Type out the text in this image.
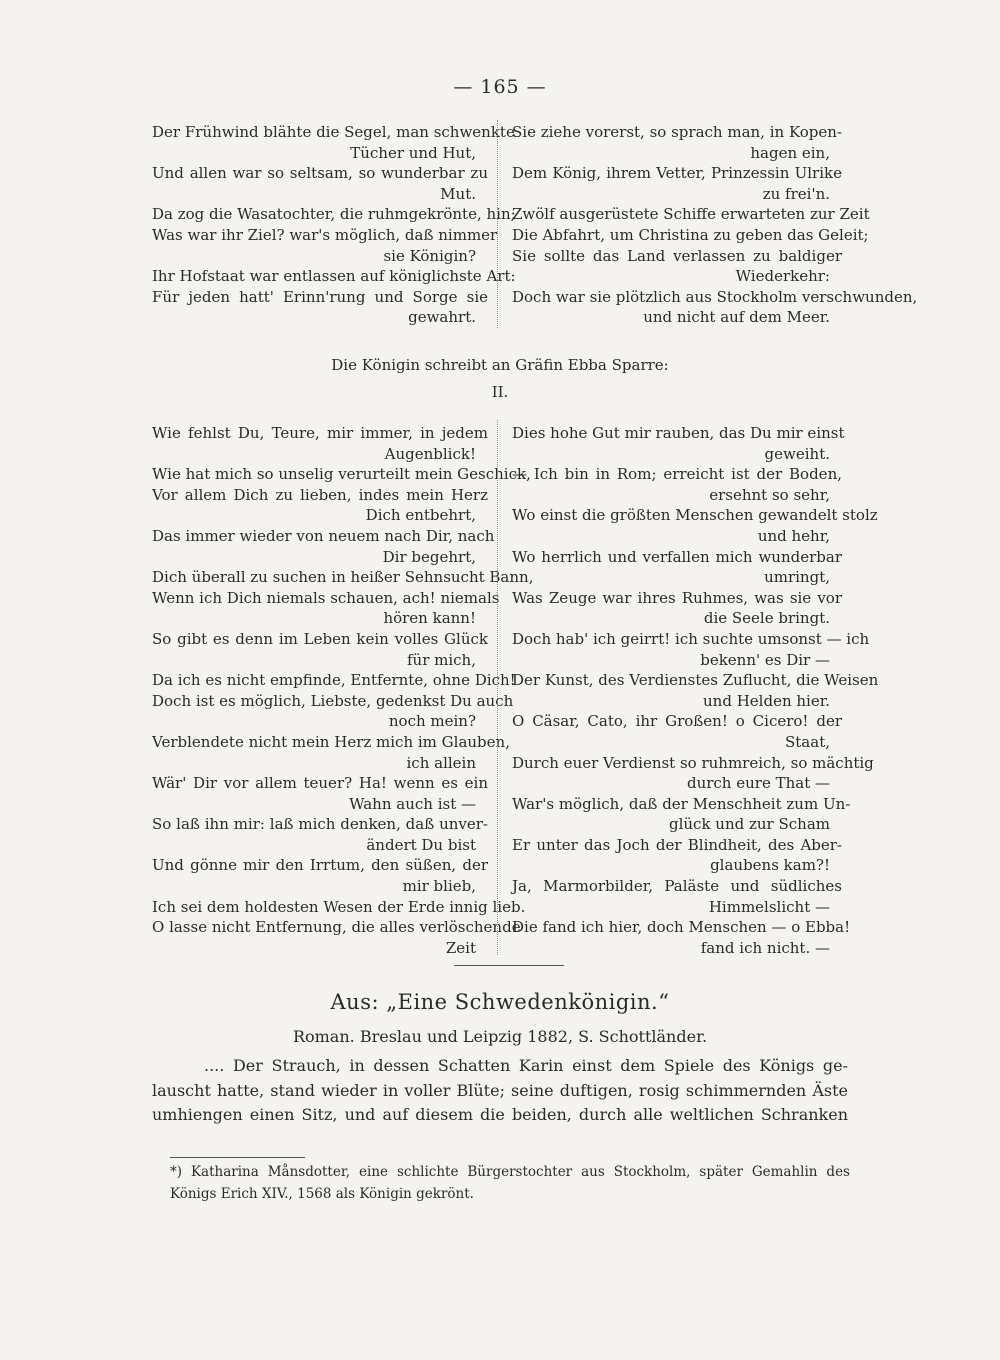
— 165 —
Der Frühwind blähte die Segel, man schwenkte
Tücher und Hut,
Und allen war so seltsam, so wunderbar zu
Mut.
Da zog die Wasatochter, die ruhmgekrönte, hin;
Was war ihr Ziel? war's möglich, daß nimmer
sie Königin?
Ihr Hofstaat war entlassen auf königlichste Art:
Für jeden hatt' Erinn'rung und Sorge sie
gewahrt.
Sie ziehe vorerst, so sprach man, in Kopen-
hagen ein,
Dem König, ihrem Vetter, Prinzessin Ulrike
zu frei'n.
Zwölf ausgerüstete Schiffe erwarteten zur Zeit
Die Abfahrt, um Christina zu geben das Geleit;
Sie sollte das Land verlassen zu baldiger
Wiederkehr:
Doch war sie plötzlich aus Stockholm verschwunden,
und nicht auf dem Meer.
Die Königin schreibt an Gräfin Ebba Sparre:
II.
Wie fehlst Du, Teure, mir immer, in jedem
Augenblick!
Wie hat mich so unselig verurteilt mein Geschick,
Vor allem Dich zu lieben, indes mein Herz
Dich entbehrt,
Das immer wieder von neuem nach Dir, nach
Dir begehrt,
Dich überall zu suchen in heißer Sehnsucht Bann,
Wenn ich Dich niemals schauen, ach! niemals
hören kann!
So gibt es denn im Leben kein volles Glück
für mich,
Da ich es nicht empfinde, Entfernte, ohne Dich!
Doch ist es möglich, Liebste, gedenkst Du auch
noch mein?
Verblendete nicht mein Herz mich im Glauben,
ich allein
Wär' Dir vor allem teuer? Ha! wenn es ein
Wahn auch ist —
So laß ihn mir: laß mich denken, daß unver-
ändert Du bist
Und gönne mir den Irrtum, den süßen, der
mir blieb,
Ich sei dem holdesten Wesen der Erde innig lieb.
O lasse nicht Entfernung, die alles verlöschende
Zeit
Dies hohe Gut mir rauben, das Du mir einst
geweiht.
— Ich bin in Rom; erreicht ist der Boden,
ersehnt so sehr,
Wo einst die größten Menschen gewandelt stolz
und hehr,
Wo herrlich und verfallen mich wunderbar
umringt,
Was Zeuge war ihres Ruhmes, was sie vor
die Seele bringt.
Doch hab' ich geirrt! ich suchte umsonst — ich
bekenn' es Dir —
Der Kunst, des Verdienstes Zuflucht, die Weisen
und Helden hier.
O Cäsar, Cato, ihr Großen! o Cicero! der
Staat,
Durch euer Verdienst so ruhmreich, so mächtig
durch eure That —
War's möglich, daß der Menschheit zum Un-
glück und zur Scham
Er unter das Joch der Blindheit, des Aber-
glaubens kam?!
Ja, Marmorbilder, Paläste und südliches
Himmelslicht —
Die fand ich hier, doch Menschen — o Ebba!
fand ich nicht. —
Aus: „Eine Schwedenkönigin.“
Roman. Breslau und Leipzig 1882, S. Schottländer.
.... Der Strauch, in dessen Schatten Karin einst dem Spiele des Königs ge-
lauscht hatte, stand wieder in voller Blüte; seine duftigen, rosig schimmernden Äste
umhiengen einen Sitz, und auf diesem die beiden, durch alle weltlichen Schranken
*) Katharina Månsdotter, eine schlichte Bürgerstochter aus Stockholm, später Gemahlin des
Königs Erich XIV., 1568 als Königin gekrönt.
